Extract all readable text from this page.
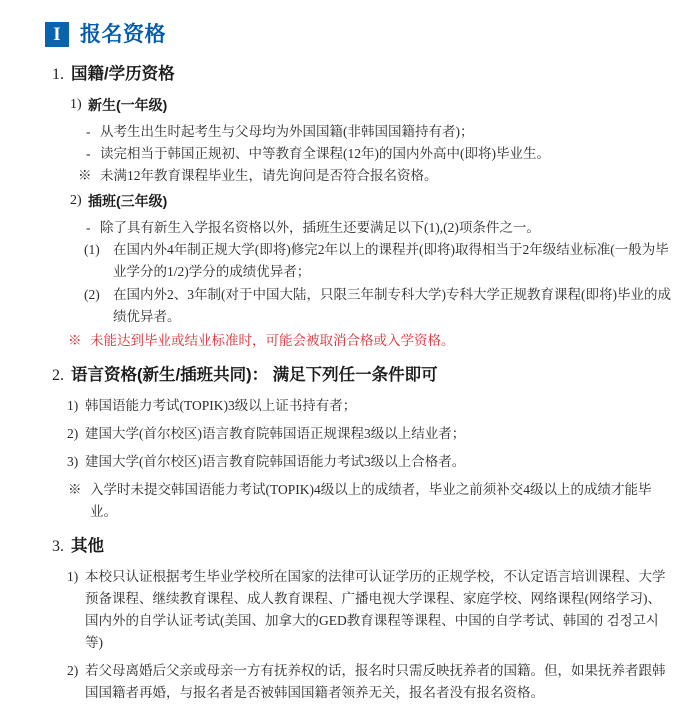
I 报名资格
1. 国籍/学历资格
1) 新生(一年级)
- 从考生出生时起考生与父母均为外国国籍(非韩国国籍持有者)；
- 读完相当于韩国正规初、中等教育全课程(12年)的国内外高中(即将)毕业生。
※ 未满12年教育课程毕业生，请先询问是否符合报名资格。
2) 插班(三年级)
- 除了具有新生入学报名资格以外，插班生还要满足以下(1),(2)项条件之一。
(1) 在国内外4年制正规大学(即将)修完2年以上的课程并(即将)取得相当于2年级结业标准(一般为毕业学分的1/2)学分的成绩优异者；
(2) 在国内外2、3年制(对于中国大陆，只限三年制专科大学)专科大学正规教育课程(即将)毕业的成绩优异者。
※ 未能达到毕业或结业标准时，可能会被取消合格或入学资格。
2. 语言资格(新生/插班共同)： 满足下列任一条件即可
1) 韩国语能力考试(TOPIK)3级以上证书持有者；
2) 建国大学(首尔校区)语言教育院韩国语正规课程3级以上结业者；
3) 建国大学(首尔校区)语言教育院韩国语能力考试3级以上合格者。
※ 入学时未提交韩国语能力考试(TOPIK)4级以上的成绩者，毕业之前须补交4级以上的成绩才能毕业。
3. 其他
1) 本校只认证根据考生毕业学校所在国家的法律可认证学历的正规学校，不认定语言培训课程、大学预备课程、继续教育课程、成人教育课程、广播电视大学课程、家庭学校、网络课程(网络学习)、国内外的自学认证考试(美国、加拿大的GED教育课程等课程、中国的自学考试、韩国的 검정고시等)
2) 若父母离婚后父亲或母亲一方有抚养权的话，报名时只需反映抚养者的国籍。但，如果抚养者跟韩国国籍者再婚，与报名者是否被韩国国籍者领养无关，报名者没有报名资格。
